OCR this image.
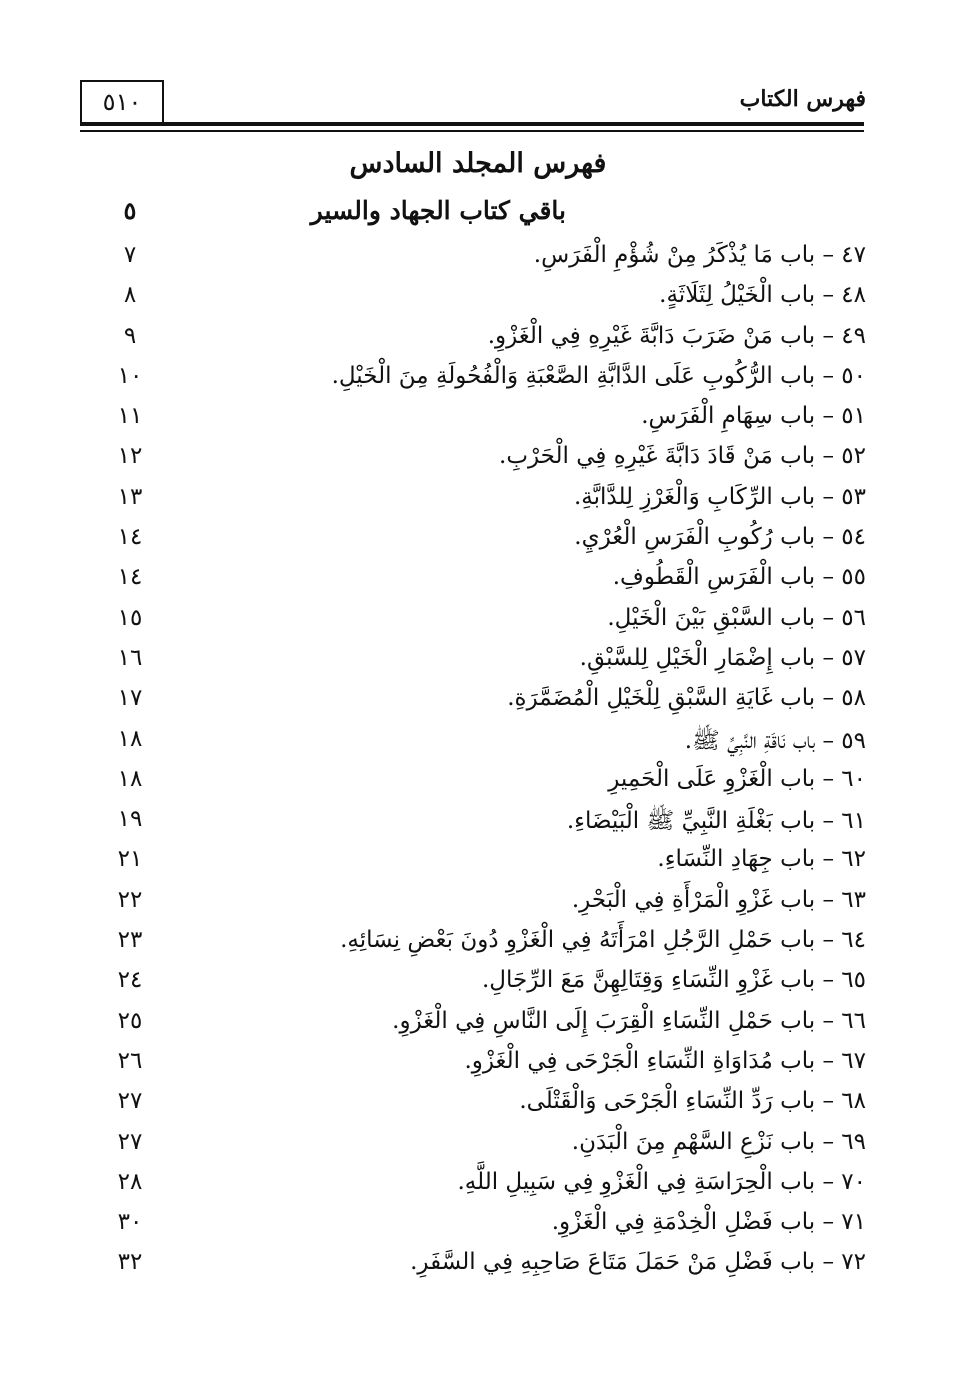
٥١٠	فهرس الكتاب
فهرس المجلد السادس
باقي كتاب الجهاد والسير
٥
٤٧ – باب مَا يُذْكَرُ مِنْ شُؤْمِ الْفَرَسِ.
٧
٤٨ – باب الْخَيْلُ لِثَلَاثَةٍ.
٨
٤٩ – باب مَنْ ضَرَبَ دَابَّةَ غَيْرِهِ فِي الْغَزْوِ.
٩
٥٠ – باب الرُّكُوبِ عَلَى الدَّابَّةِ الصَّعْبَةِ وَالْفُحُولَةِ مِنَ الْخَيْلِ.
١٠
٥١ – باب سِهَامِ الْفَرَسِ.
١١
٥٢ – باب مَنْ قَادَ دَابَّةَ غَيْرِهِ فِي الْحَرْبِ.
١٢
٥٣ – باب الرِّكَابِ وَالْغَرْزِ لِلدَّابَّةِ.
١٣
٥٤ – باب رُكُوبِ الْفَرَسِ الْعُرْيِ.
١٤
٥٥ – باب الْفَرَسِ الْقَطُوفِ.
١٤
٥٦ – باب السَّبْقِ بَيْنَ الْخَيْلِ.
١٥
٥٧ – باب إِضْمَارِ الْخَيْلِ لِلسَّبْقِ.
١٦
٥٨ – باب غَايَةِ السَّبْقِ لِلْخَيْلِ الْمُضَمَّرَةِ.
١٧
٥٩ – باب نَاقَةِ النَّبِيِّ ﷺ.
١٨
٦٠ – باب الْغَزْوِ عَلَى الْحَمِيرِ
١٨
٦١ – باب بَغْلَةِ النَّبِيِّ ﷺ الْبَيْضَاءِ.
١٩
٦٢ – باب جِهَادِ النِّسَاءِ.
٢١
٦٣ – باب غَزْوِ الْمَرْأَةِ فِي الْبَحْرِ.
٢٢
٦٤ – باب حَمْلِ الرَّجُلِ امْرَأَتَهُ فِي الْغَزْوِ دُونَ بَعْضِ نِسَائِهِ.
٢٣
٦٥ – باب غَزْوِ النِّسَاءِ وَقِتَالِهِنَّ مَعَ الرِّجَالِ.
٢٤
٦٦ – باب حَمْلِ النِّسَاءِ الْقِرَبَ إِلَى النَّاسِ فِي الْغَزْوِ.
٢٥
٦٧ – باب مُدَاوَاةِ النِّسَاءِ الْجَرْحَى فِي الْغَزْوِ.
٢٦
٦٨ – باب رَدِّ النِّسَاءِ الْجَرْحَى وَالْقَتْلَى.
٢٧
٦٩ – باب نَزْعِ السَّهْمِ مِنَ الْبَدَنِ.
٢٧
٧٠ – باب الْحِرَاسَةِ فِي الْغَزْوِ فِي سَبِيلِ اللَّهِ.
٢٨
٧١ – باب فَضْلِ الْخِدْمَةِ فِي الْغَزْوِ.
٣٠
٧٢ – باب فَضْلِ مَنْ حَمَلَ مَتَاعَ صَاحِبِهِ فِي السَّفَرِ.
٣٢
